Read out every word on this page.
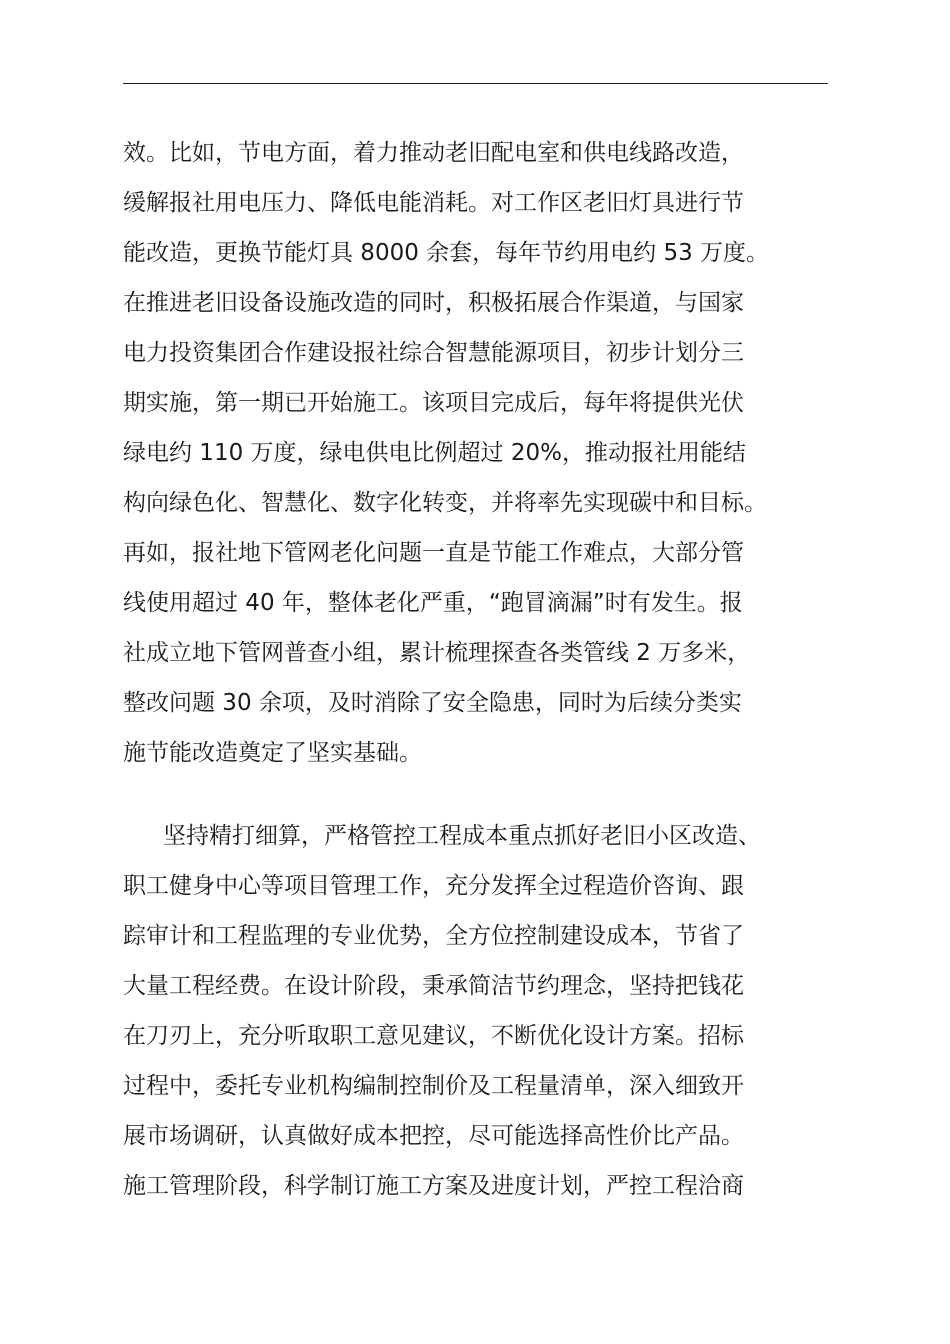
效。比如，节电方面，着力推动老旧配电室和供电线路改造，
缓解报社用电压力、降低电能消耗。对工作区老旧灯具进行节
能改造，更换节能灯具 8000 余套，每年节约用电约 53 万度。
在推进老旧设备设施改造的同时，积极拓展合作渠道，与国家
电力投资集团合作建设报社综合智慧能源项目，初步计划分三
期实施，第一期已开始施工。该项目完成后，每年将提供光伏
绿电约 110 万度，绿电供电比例超过 20%，推动报社用能结
构向绿色化、智慧化、数字化转变，并将率先实现碳中和目标。
再如，报社地下管网老化问题一直是节能工作难点，大部分管
线使用超过 40 年，整体老化严重，“跑冒滴漏”时有发生。报
社成立地下管网普查小组，累计梳理探查各类管线 2 万多米，
整改问题 30 余项，及时消除了安全隐患，同时为后续分类实
施节能改造奠定了坚实基础。
坚持精打细算，严格管控工程成本重点抓好老旧小区改造、
职工健身中心等项目管理工作，充分发挥全过程造价咨询、跟
踪审计和工程监理的专业优势，全方位控制建设成本，节省了
大量工程经费。在设计阶段，秉承简洁节约理念，坚持把钱花
在刀刃上，充分听取职工意见建议，不断优化设计方案。招标
过程中，委托专业机构编制控制价及工程量清单，深入细致开
展市场调研，认真做好成本把控，尽可能选择高性价比产品。
施工管理阶段，科学制订施工方案及进度计划，严控工程洽商
